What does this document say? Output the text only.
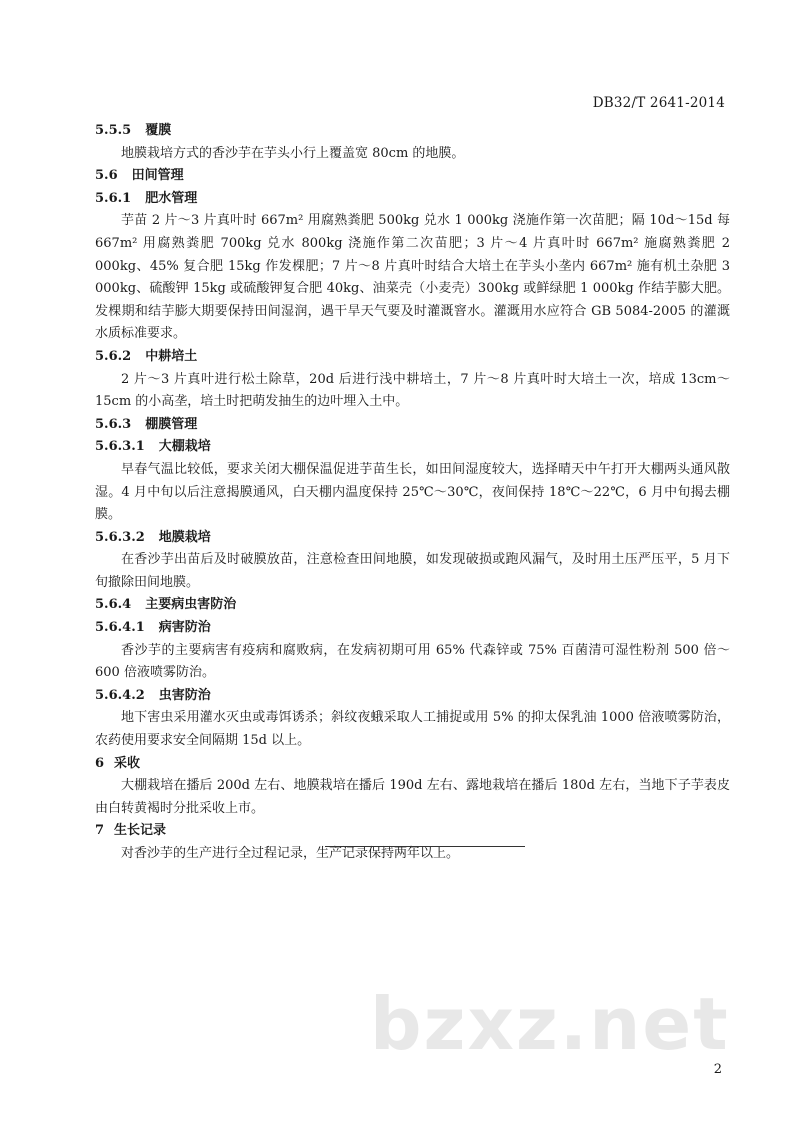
DB32/T 2641-2014
5.5.5 覆膜
地膜栽培方式的香沙芋在芋头小行上覆盖宽 80cm 的地膜。
5.6 田间管理
5.6.1 肥水管理
芋苗 2 片～3 片真叶时 667m² 用腐熟粪肥 500kg 兑水 1 000kg 浇施作第一次苗肥；隔 10d～15d 每 667m² 用腐熟粪肥 700kg 兑水 800kg 浇施作第二次苗肥；3 片～4 片真叶时 667m² 施腐熟粪肥 2 000kg、45% 复合肥 15kg 作发棵肥；7 片～8 片真叶时结合大培土在芋头小垄内 667m² 施有机土杂肥 3 000kg、硫酸钾 15kg 或硫酸钾复合肥 40kg、油菜壳（小麦壳）300kg 或鲜绿肥 1 000kg 作结芋膨大肥。发棵期和结芋膨大期要保持田间湿润，遇干旱天气要及时灌溉窨水。灌溉用水应符合 GB 5084-2005 的灌溉水质标准要求。
5.6.2 中耕培土
2 片～3 片真叶进行松土除草，20d 后进行浅中耕培土，7 片～8 片真叶时大培土一次，培成 13cm～15cm 的小高垄，培土时把萌发抽生的边叶埋入土中。
5.6.3 棚膜管理
5.6.3.1 大棚栽培
早春气温比较低，要求关闭大棚保温促进芋苗生长，如田间湿度较大，选择晴天中午打开大棚两头通风散湿。4 月中旬以后注意揭膜通风，白天棚内温度保持 25℃～30℃，夜间保持 18℃～22℃，6 月中旬揭去棚膜。
5.6.3.2 地膜栽培
在香沙芋出苗后及时破膜放苗，注意检查田间地膜，如发现破损或跑风漏气，及时用土压严压平，5 月下旬撤除田间地膜。
5.6.4 主要病虫害防治
5.6.4.1 病害防治
香沙芋的主要病害有疫病和腐败病，在发病初期可用 65% 代森锌或 75% 百菌清可湿性粉剂 500 倍～600 倍液喷雾防治。
5.6.4.2 虫害防治
地下害虫采用灌水灭虫或毒饵诱杀；斜纹夜蛾采取人工捕捉或用 5% 的抑太保乳油 1000 倍液喷雾防治，农药使用要求安全间隔期 15d 以上。
6 采收
大棚栽培在播后 200d 左右、地膜栽培在播后 190d 左右、露地栽培在播后 180d 左右，当地下子芋表皮由白转黄褐时分批采收上市。
7 生长记录
对香沙芋的生产进行全过程记录，生产记录保持两年以上。
bzxz.net
2
